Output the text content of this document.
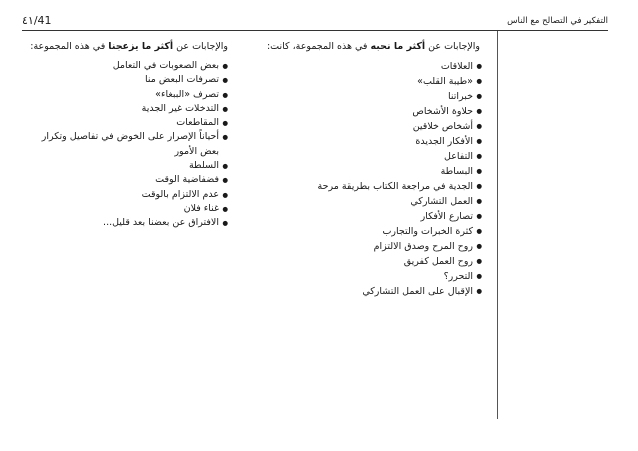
٤١/41	التفكير في التصالح مع الناس

والإجابات عن أكثر ما نحبه في هذه المجموعة، كانت:

● العلاقات
● «طيبة القلب»
● خبراتنا
● حلاوة الأشخاص
● أشخاص خلاقين
● الأفكار الجديدة
● التفاعل
● البساطة
● الجدية في مراجعة الكتاب بطريقة مرحة
● العمل التشاركي
● تصارع الأفكار
● كثرة الخبرات والتجارب
● روح المرح وصدق الالتزام
● روح العمل كفريق
● التحرر؟
● الإقبال على العمل التشاركي

والإجابات عن أكثر ما يزعجنا في هذه المجموعة:

● بعض الصعوبات في التعامل
● تصرفات البعض منا
● تصرف «الببغاء»
● التدخلات غير الجدية
● المقاطعات
● أحياناً الإصرار على الخوض في تفاصيل وتكرار بعض الأمور
● السلطة
● فضفاضية الوقت
● عدم الالتزام بالوقت
● غناء فلان
● الافتراق عن بعضنا بعد قليل...
